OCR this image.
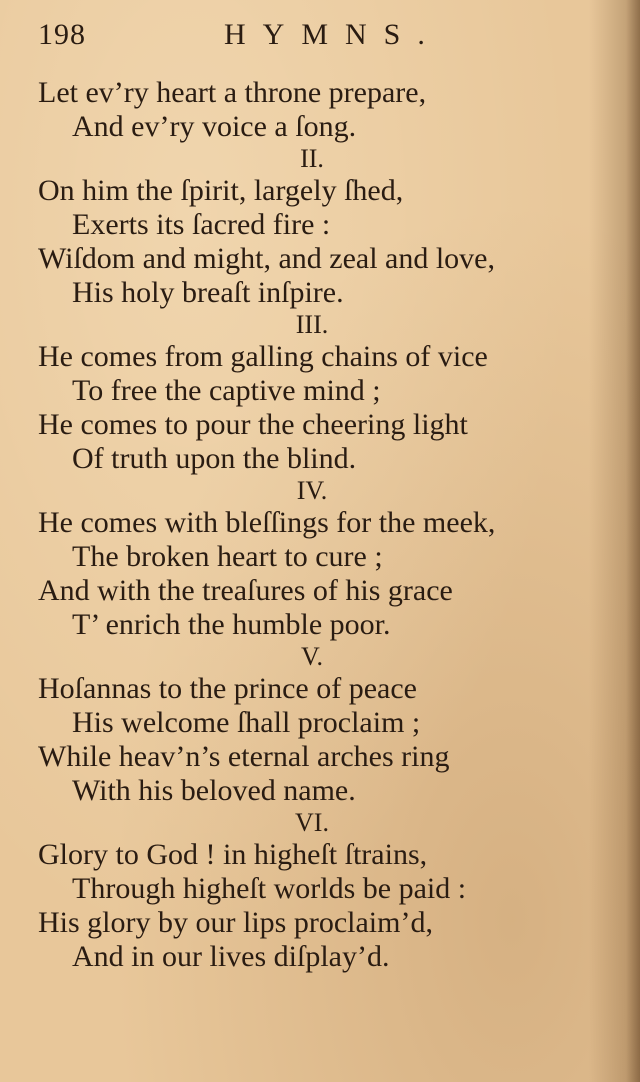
198	HYMNS.
Let ev’ry heart a throne prepare,
And ev’ry voice a ſong.
II.
On him the ſpirit, largely ſhed,
Exerts its ſacred fire :
Wiſdom and might, and zeal and love,
His holy breaſt inſpire.
III.
He comes from galling chains of vice
To free the captive mind ;
He comes to pour the cheering light
Of truth upon the blind.
IV.
He comes with bleſſings for the meek,
The broken heart to cure ;
And with the treaſures of his grace
T’ enrich the humble poor.
V.
Hoſannas to the prince of peace
His welcome ſhall proclaim ;
While heav’n’s eternal arches ring
With his beloved name.
VI.
Glory to God ! in higheſt ſtrains,
Through higheſt worlds be paid :
His glory by our lips proclaim’d,
And in our lives diſplay’d.
